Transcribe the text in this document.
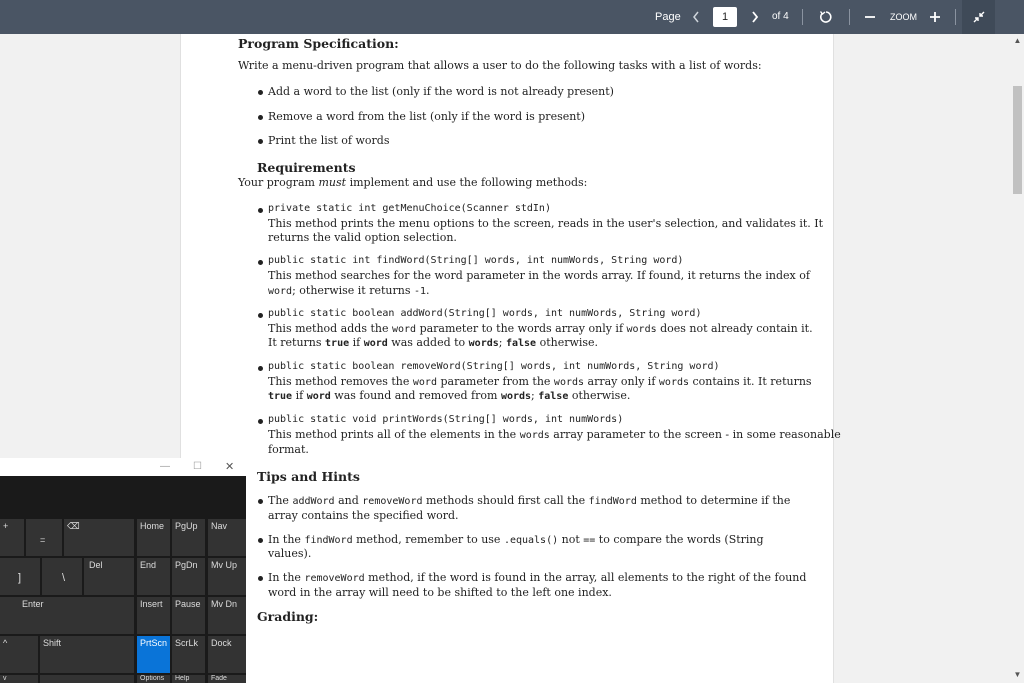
Page	1	of 4	ZOOM
Program Specification:
Write a menu-driven program that allows a user to do the following tasks with a list of words:
Add a word to the list (only if the word is not already present)
Remove a word from the list (only if the word is present)
Print the list of words
Requirements
Your program must implement and use the following methods:
private static int getMenuChoice(Scanner stdIn)
This method prints the menu options to the screen, reads in the user's selection, and validates it. It
returns the valid option selection.
public static int findWord(String[] words, int numWords, String word)
This method searches for the word parameter in the words array. If found, it returns the index of
word; otherwise it returns -1.
public static boolean addWord(String[] words, int numWords, String word)
This method adds the word parameter to the words array only if words does not already contain it.
It returns true if word was added to words; false otherwise.
public static boolean removeWord(String[] words, int numWords, String word)
This method removes the word parameter from the words array only if words contains it. It returns
true if word was found and removed from words; false otherwise.
public static void printWords(String[] words, int numWords)
This method prints all of the elements in the words array parameter to the screen - in some reasonable
format.
Tips and Hints
The addWord and removeWord methods should first call the findWord method to determine if the
array contains the specified word.
In the findWord method, remember to use .equals() not == to compare the words (String
values).
In the removeWord method, if the word is found in the array, all elements to the right of the found
word in the array will need to be shifted to the left one index.
Grading:
▲
▼
— ☐ ✕
+
=
⌫	Home	PgUp	Nav
Del	End	PgDn	Mv Up
]	\
Enter	Insert	Pause	Mv Dn
^	Shift	PrtScn ScrLk	Dock
v	Options	Help	Fade
